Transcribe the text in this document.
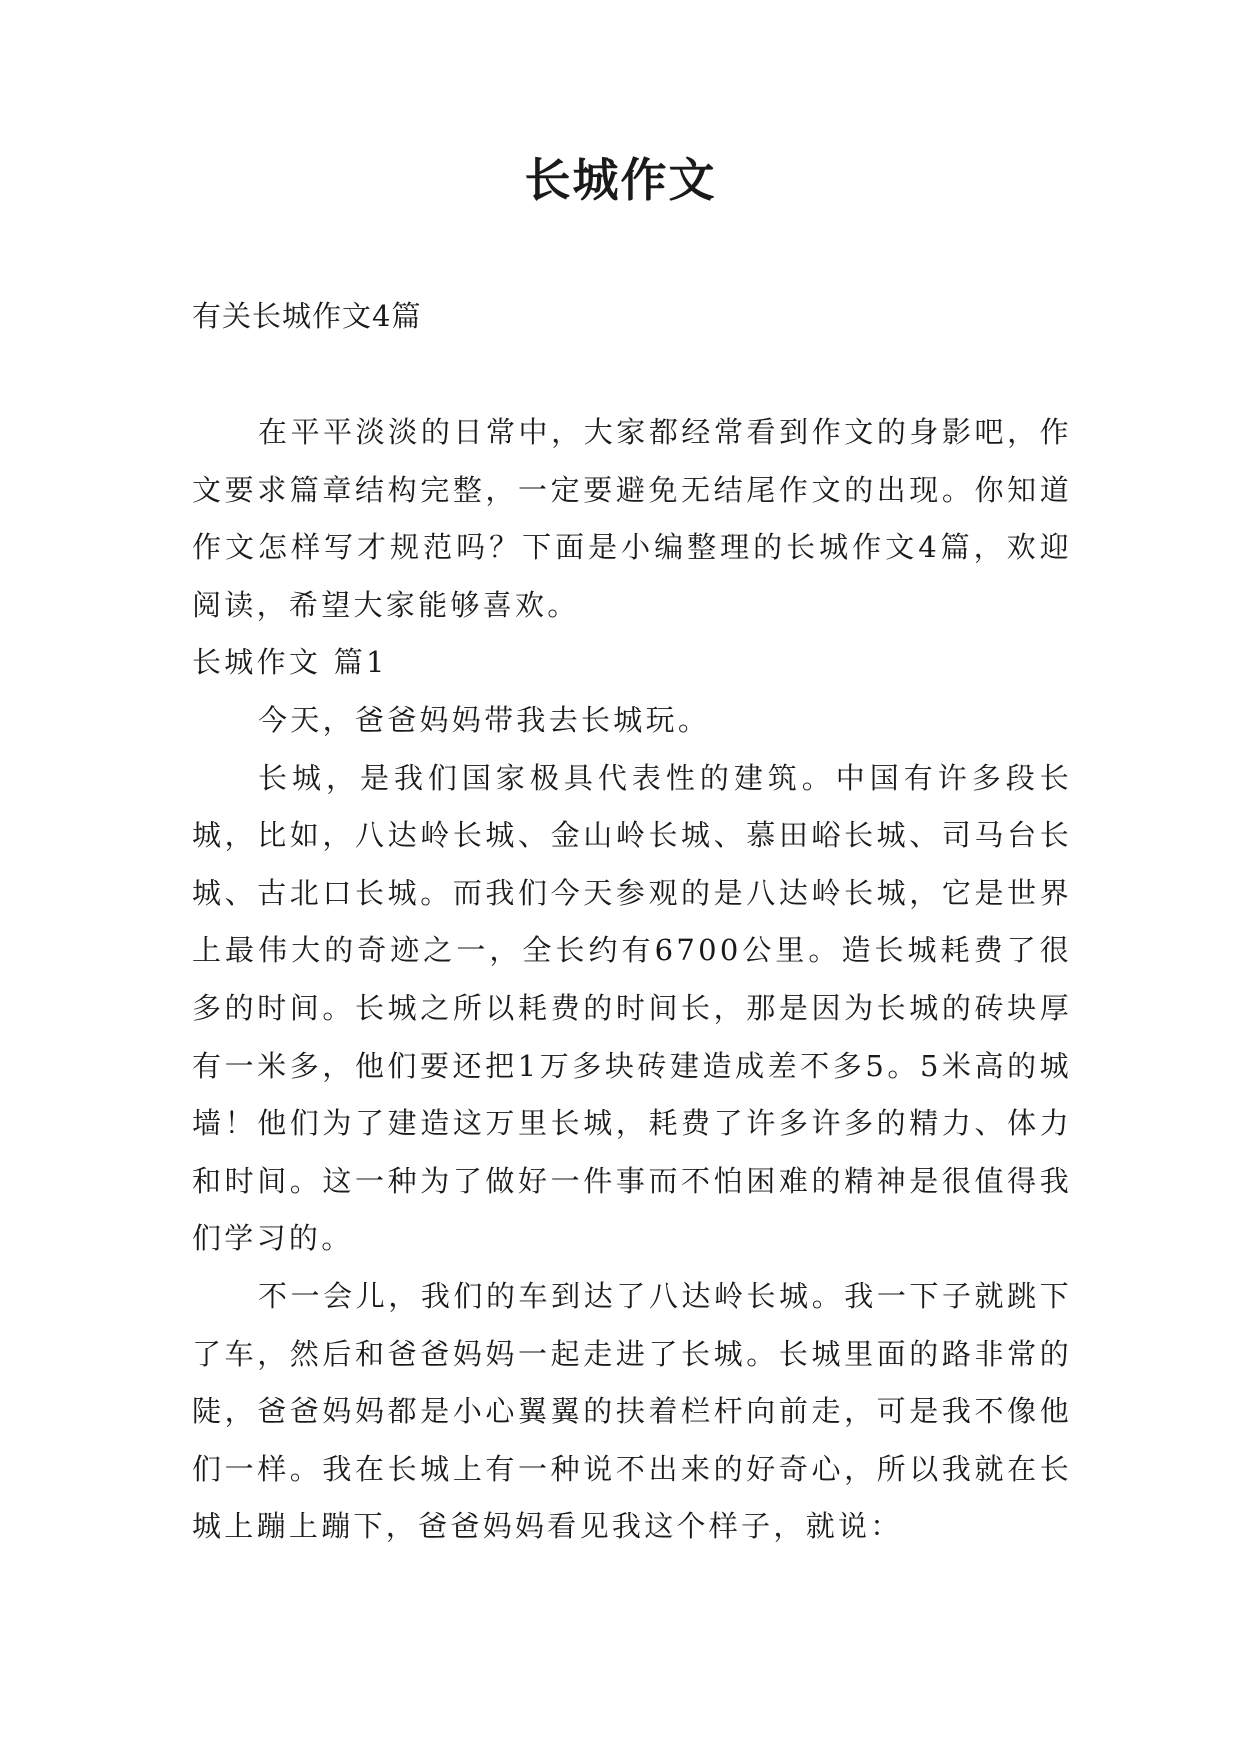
长城作文

有关长城作文4篇

在平平淡淡的日常中，大家都经常看到作文的身影吧，作文要求篇章结构完整，一定要避免无结尾作文的出现。你知道作文怎样写才规范吗？下面是小编整理的长城作文4篇，欢迎阅读，希望大家能够喜欢。

长城作文 篇1

今天，爸爸妈妈带我去长城玩。

长城，是我们国家极具代表性的建筑。中国有许多段长城，比如，八达岭长城、金山岭长城、慕田峪长城、司马台长城、古北口长城。而我们今天参观的是八达岭长城，它是世界上最伟大的奇迹之一，全长约有6700公里。造长城耗费了很多的时间。长城之所以耗费的时间长，那是因为长城的砖块厚有一米多，他们要还把1万多块砖建造成差不多5。5米高的城墙！他们为了建造这万里长城，耗费了许多许多的精力、体力和时间。这一种为了做好一件事而不怕困难的精神是很值得我们学习的。

不一会儿，我们的车到达了八达岭长城。我一下子就跳下了车，然后和爸爸妈妈一起走进了长城。长城里面的路非常的陡，爸爸妈妈都是小心翼翼的扶着栏杆向前走，可是我不像他们一样。我在长城上有一种说不出来的好奇心，所以我就在长城上蹦上蹦下，爸爸妈妈看见我这个样子，就说：
